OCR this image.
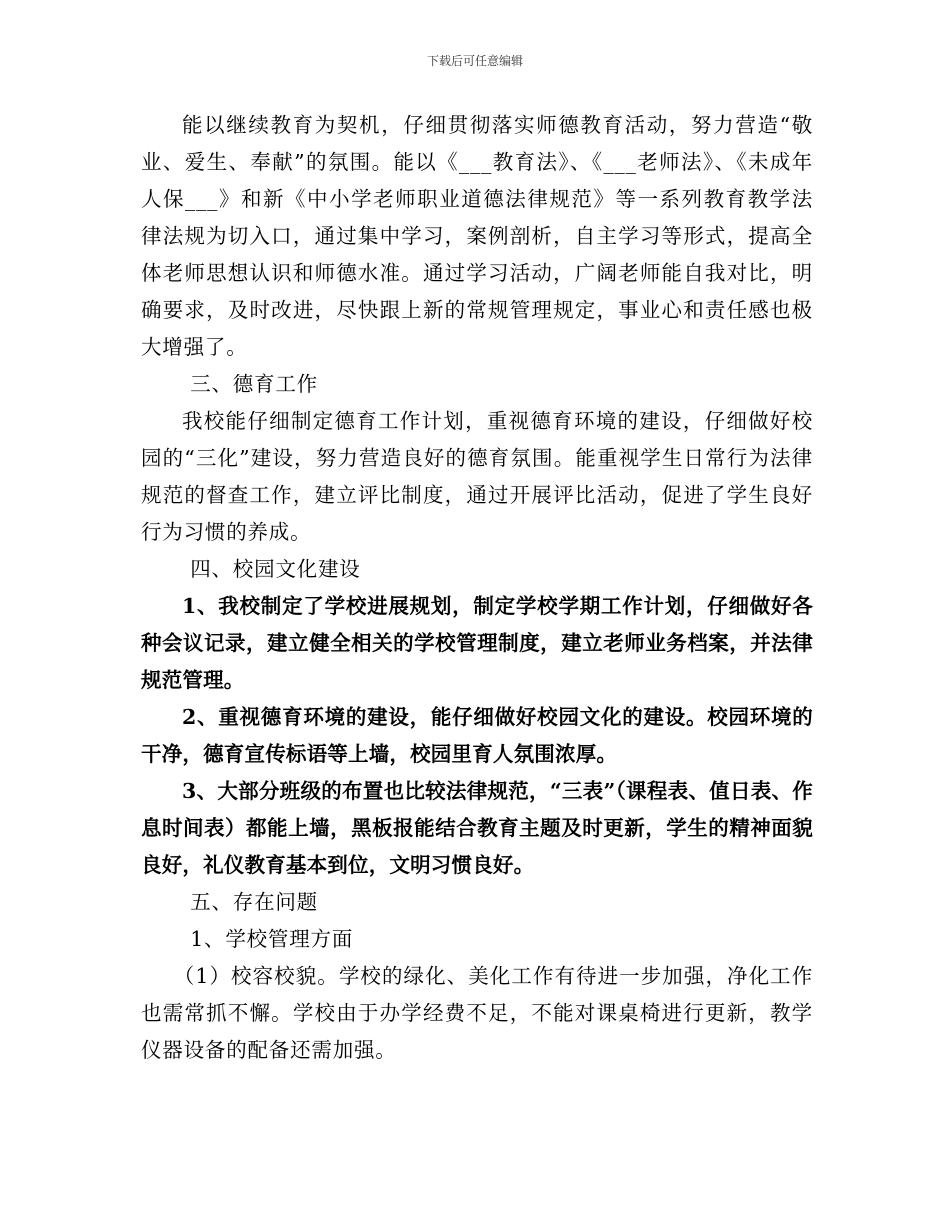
下载后可任意编辑

能以继续教育为契机，仔细贯彻落实师德教育活动，努力营造“敬业、爱生、奉献”的氛围。能以《___教育法》、《___老师法》、《未成年人保___》和新《中小学老师职业道德法律规范》等一系列教育教学法律法规为切入口，通过集中学习，案例剖析，自主学习等形式，提高全体老师思想认识和师德水准。通过学习活动，广阔老师能自我对比，明确要求，及时改进，尽快跟上新的常规管理规定，事业心和责任感也极大增强了。

三、德育工作

我校能仔细制定德育工作计划，重视德育环境的建设，仔细做好校园的“三化”建设，努力营造良好的德育氛围。能重视学生日常行为法律规范的督查工作，建立评比制度，通过开展评比活动，促进了学生良好行为习惯的养成。

四、校园文化建设

1、我校制定了学校进展规划，制定学校学期工作计划，仔细做好各种会议记录，建立健全相关的学校管理制度，建立老师业务档案，并法律规范管理。

2、重视德育环境的建设，能仔细做好校园文化的建设。校园环境的干净，德育宣传标语等上墙，校园里育人氛围浓厚。

3、大部分班级的布置也比较法律规范，“三表”（课程表、值日表、作息时间表）都能上墙，黑板报能结合教育主题及时更新，学生的精神面貌良好，礼仪教育基本到位，文明习惯良好。

五、存在问题

1、学校管理方面

（1）校容校貌。学校的绿化、美化工作有待进一步加强，净化工作也需常抓不懈。学校由于办学经费不足，不能对课桌椅进行更新，教学仪器设备的配备还需加强。
